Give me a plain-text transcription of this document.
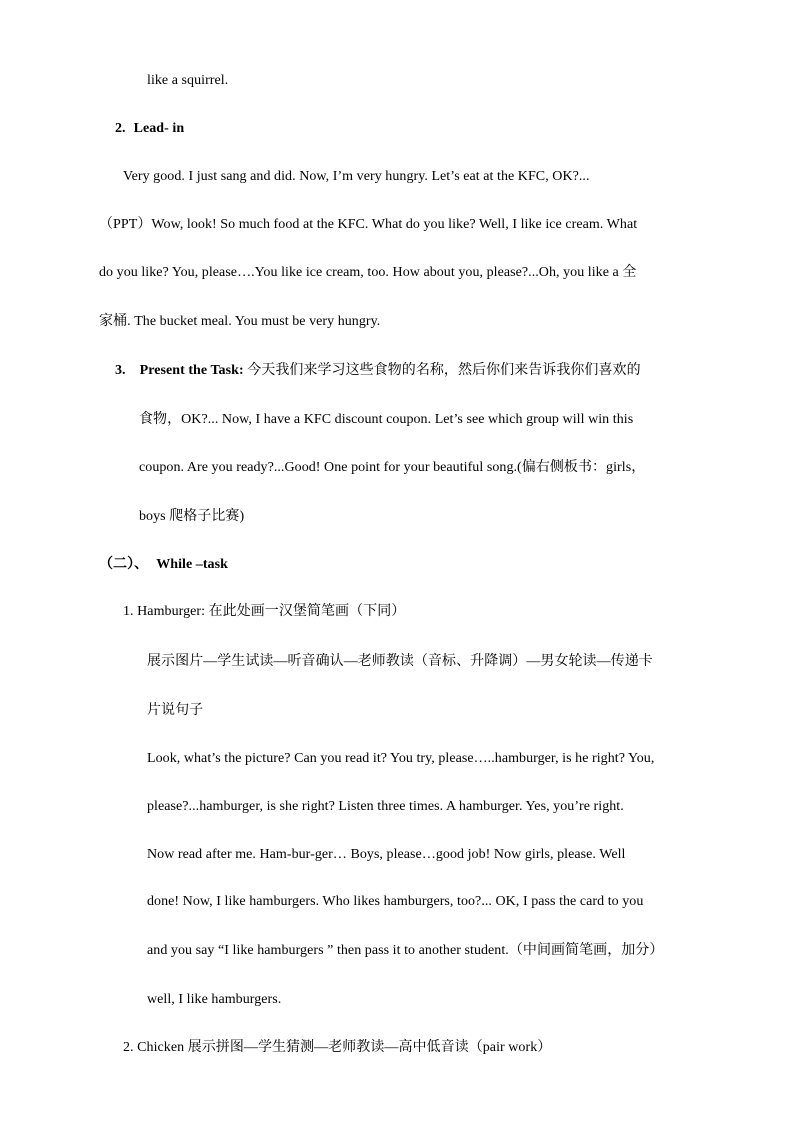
like a squirrel.

2. Lead- in

Very good. I just sang and did. Now, I’m very hungry. Let’s eat at the KFC, OK?...

（PPT）Wow, look! So much food at the KFC. What do you like? Well, I like ice cream. What

do you like? You, please….You like ice cream, too. How about you, please?...Oh, you like a 全

家桶. The bucket meal. You must be very hungry.

3. Present the Task: 今天我们来学习这些食物的名称，然后你们来告诉我你们喜欢的

食物，OK?... Now, I have a KFC discount coupon. Let’s see which group will win this

coupon. Are you ready?...Good! One point for your beautiful song.(偏右侧板书：girls，

boys 爬格子比赛)

（二）、 While –task

1. Hamburger: 在此处画一汉堡简笔画（下同）

展示图片—学生试读—听音确认—老师教读（音标、升降调）—男女轮读—传递卡

片说句子

Look, what’s the picture? Can you read it? You try, please…..hamburger, is he right? You,

please?...hamburger, is she right? Listen three times. A hamburger. Yes, you’re right.

Now read after me. Ham-bur-ger… Boys, please…good job! Now girls, please. Well

done! Now, I like hamburgers. Who likes hamburgers, too?... OK, I pass the card to you

and you say “I like hamburgers ” then pass it to another student.（中间画简笔画，加分）

well, I like hamburgers.

2. Chicken 展示拼图—学生猜测—老师教读—高中低音读（pair work）
